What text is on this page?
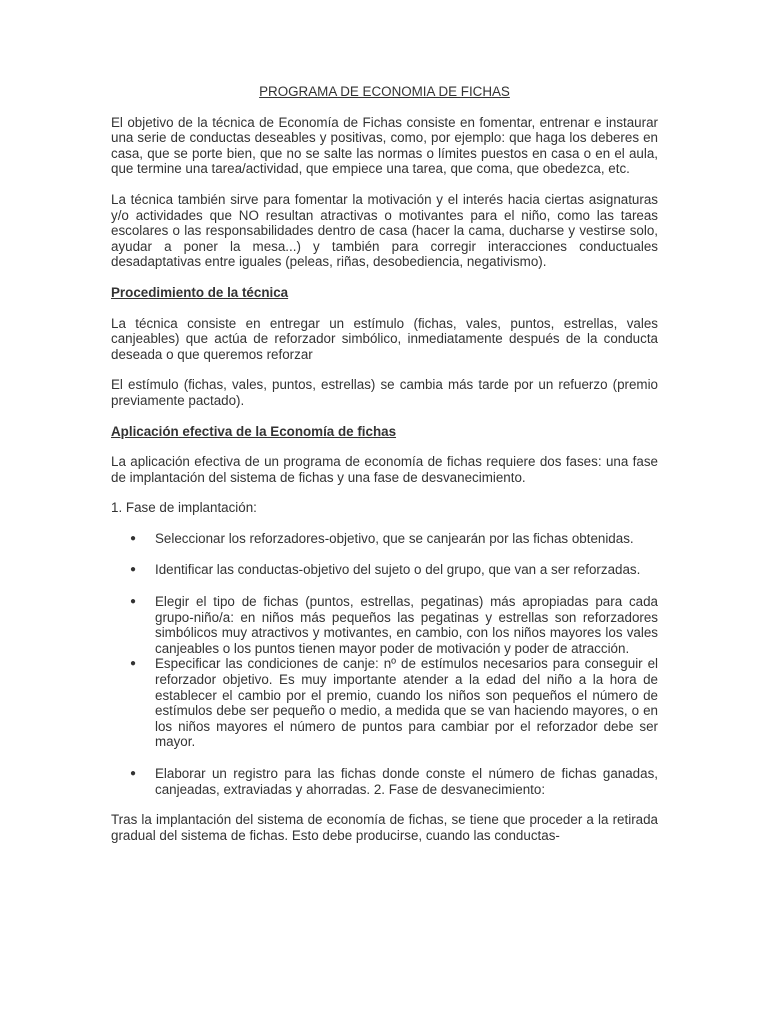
PROGRAMA DE ECONOMIA DE FICHAS

El objetivo de la técnica de Economía de Fichas consiste en fomentar, entrenar e instaurar una serie de conductas deseables y positivas, como, por ejemplo: que haga los deberes en casa, que se porte bien, que no se salte las normas o límites puestos en casa o en el aula, que termine una tarea/actividad, que empiece una tarea, que coma, que obedezca, etc.

La técnica también sirve para fomentar la motivación y el interés hacia ciertas asignaturas y/o actividades que NO resultan atractivas o motivantes para el niño, como las tareas escolares o las responsabilidades dentro de casa (hacer la cama, ducharse y vestirse solo, ayudar a poner la mesa...) y también para corregir interacciones conductuales desadaptativas entre iguales (peleas, riñas, desobediencia, negativismo).

Procedimiento de la técnica

La técnica consiste en entregar un estímulo (fichas, vales, puntos, estrellas, vales canjeables) que actúa de reforzador simbólico, inmediatamente después de la conducta deseada o que queremos reforzar

El estímulo (fichas, vales, puntos, estrellas) se cambia más tarde por un refuerzo (premio previamente pactado).

Aplicación efectiva de la Economía de fichas

La aplicación efectiva de un programa de economía de fichas requiere dos fases: una fase de implantación del sistema de fichas y una fase de desvanecimiento.

1. Fase de implantación:

● Seleccionar los reforzadores-objetivo, que se canjearán por las fichas obtenidas.
● Identificar las conductas-objetivo del sujeto o del grupo, que van a ser reforzadas.
● Elegir el tipo de fichas (puntos, estrellas, pegatinas) más apropiadas para cada grupo-niño/a: en niños más pequeños las pegatinas y estrellas son reforzadores simbólicos muy atractivos y motivantes, en cambio, con los niños mayores los vales canjeables o los puntos tienen mayor poder de motivación y poder de atracción.
● Especificar las condiciones de canje: nº de estímulos necesarios para conseguir el reforzador objetivo. Es muy importante atender a la edad del niño a la hora de establecer el cambio por el premio, cuando los niños son pequeños el número de estímulos debe ser pequeño o medio, a medida que se van haciendo mayores, o en los niños mayores el número de puntos para cambiar por el reforzador debe ser mayor.
● Elaborar un registro para las fichas donde conste el número de fichas ganadas, canjeadas, extraviadas y ahorradas. 2. Fase de desvanecimiento:

Tras la implantación del sistema de economía de fichas, se tiene que proceder a la retirada gradual del sistema de fichas. Esto debe producirse, cuando las conductas-
